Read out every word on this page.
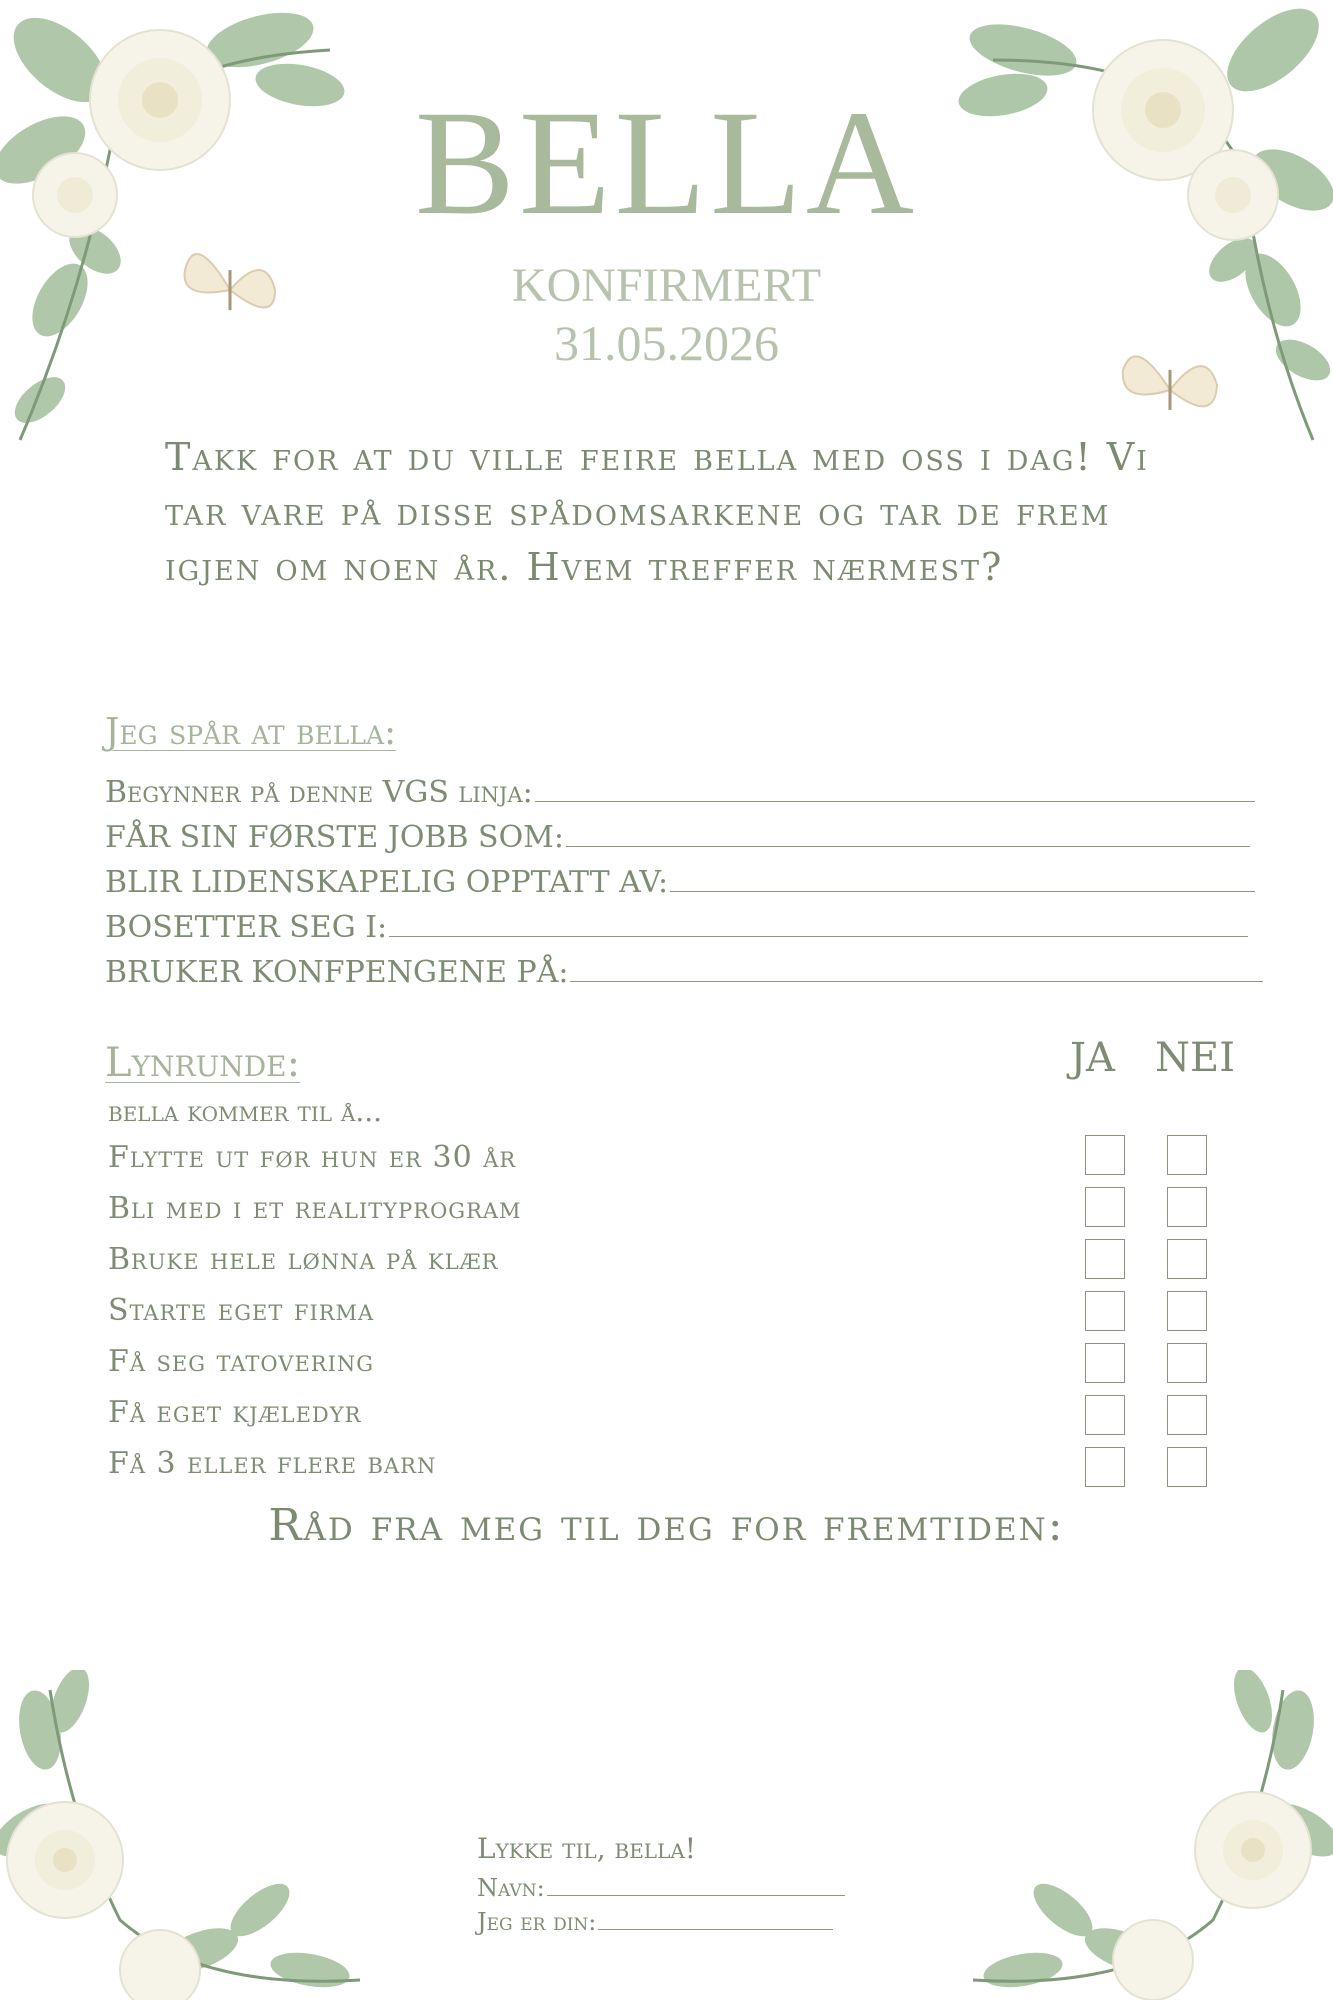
BELLA
KONFIRMERT
31.05.2026
Takk for at du ville feire bella med oss i dag! Vi tar vare på disse spådomsarkene og tar de frem igjen om noen år. Hvem treffer nærmest?
Jeg spår at bella:
Begynner på denne VGS linja:
FÅR SIN FØRSTE JOBB SOM:
BLIR LIDENSKAPELIG OPPTATT AV:
BOSETTER SEG I:
BRUKER KONFPENGENE PÅ:
Lynrunde:	JA NEI
bella kommer til å...
Flytte ut før hun er 30 år
Bli med i et realityprogram
Bruke hele lønna på klær
Starte eget firma
Få seg tatovering
Få eget kjæledyr
Få 3 eller flere barn
Råd fra meg til deg for fremtiden:
Lykke til, bella!
Navn:
Jeg er din:
